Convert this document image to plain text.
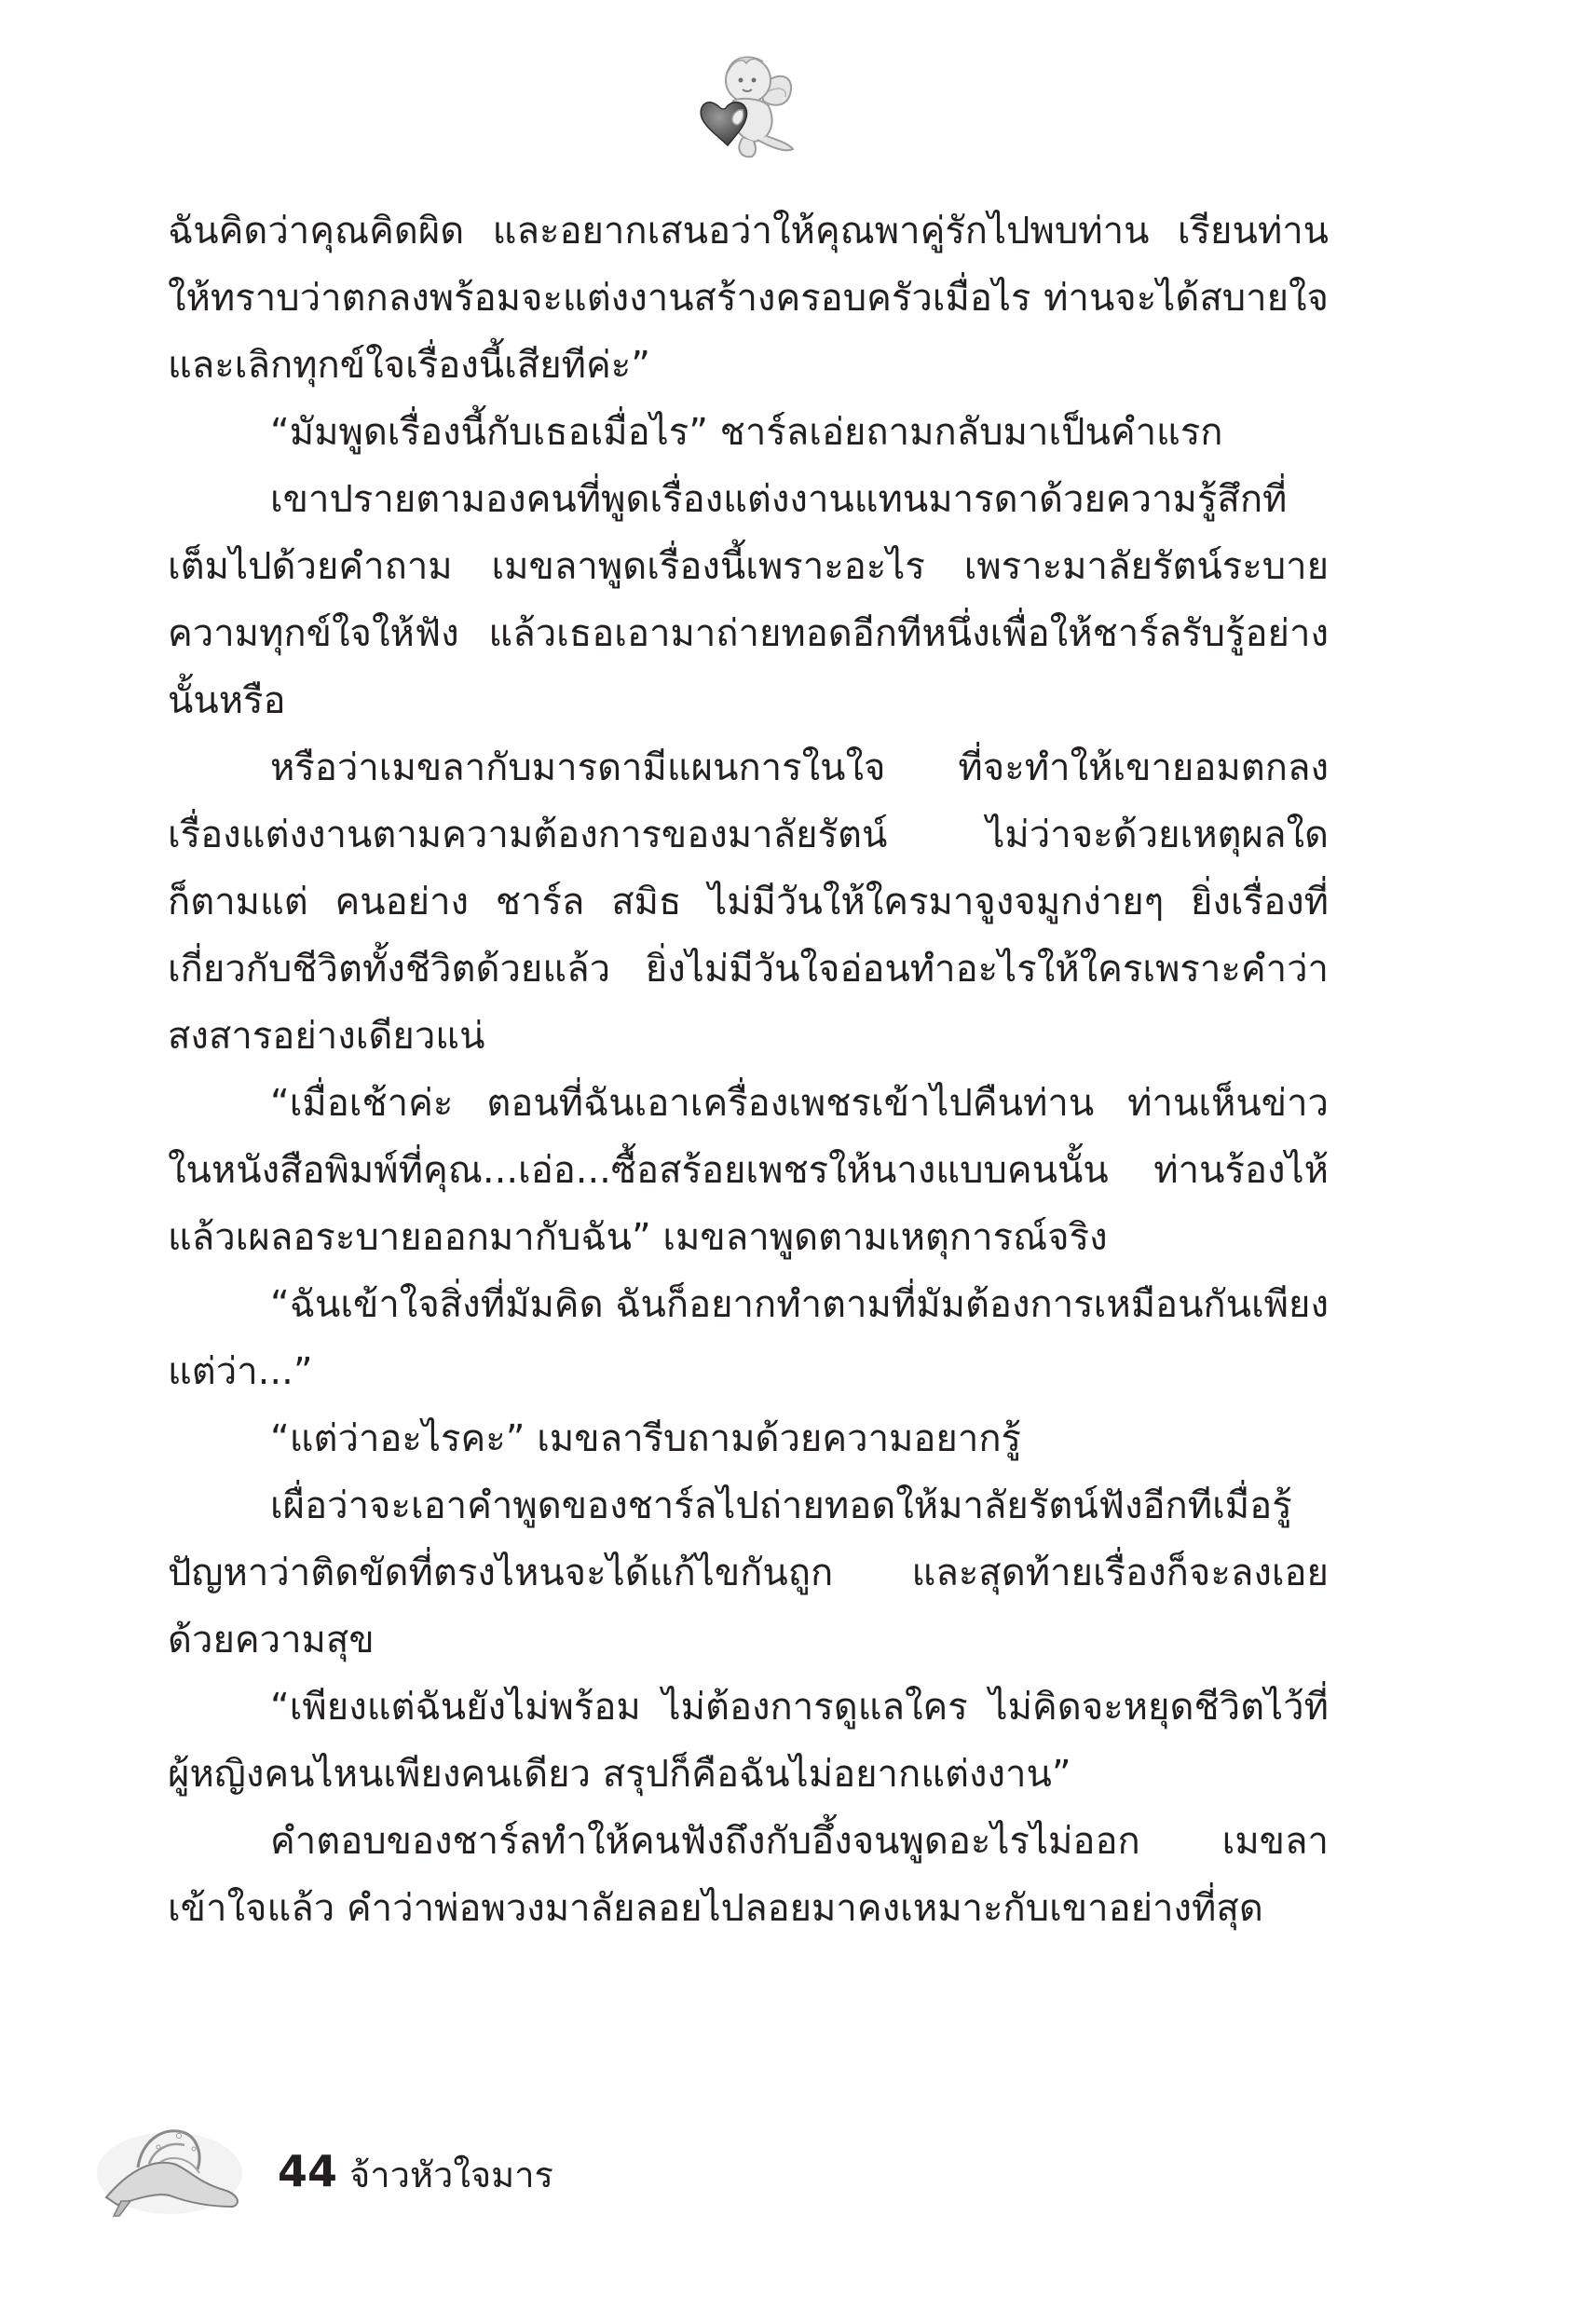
ฉันคิดว่าคุณคิดผิด และอยากเสนอว่าให้คุณพาคู่รักไปพบท่าน เรียนท่านให้ทราบว่าตกลงพร้อมจะแต่งงานสร้างครอบครัวเมื่อไร ท่านจะได้สบายใจและเลิกทุกข์ใจเรื่องนี้เสียทีค่ะ”

“มัมพูดเรื่องนี้กับเธอเมื่อไร” ชาร์ลเอ่ยถามกลับมาเป็นคำแรก

เขาปรายตามองคนที่พูดเรื่องแต่งงานแทนมารดาด้วยความรู้สึกที่เต็มไปด้วยคำถาม เมขลาพูดเรื่องนี้เพราะอะไร เพราะมาลัยรัตน์ระบายความทุกข์ใจให้ฟัง แล้วเธอเอามาถ่ายทอดอีกทีหนึ่งเพื่อให้ชาร์ลรับรู้อย่างนั้นหรือ

หรือว่าเมขลากับมารดามีแผนการในใจ ที่จะทำให้เขายอมตกลงเรื่องแต่งงานตามความต้องการของมาลัยรัตน์ ไม่ว่าจะด้วยเหตุผลใดก็ตามแต่ คนอย่าง ชาร์ล สมิธ ไม่มีวันให้ใครมาจูงจมูกง่ายๆ ยิ่งเรื่องที่เกี่ยวกับชีวิตทั้งชีวิตด้วยแล้ว ยิ่งไม่มีวันใจอ่อนทำอะไรให้ใครเพราะคำว่าสงสารอย่างเดียวแน่

“เมื่อเช้าค่ะ ตอนที่ฉันเอาเครื่องเพชรเข้าไปคืนท่าน ท่านเห็นข่าวในหนังสือพิมพ์ที่คุณ...เอ่อ...ซื้อสร้อยเพชรให้นางแบบคนนั้น ท่านร้องไห้แล้วเผลอระบายออกมากับฉัน” เมขลาพูดตามเหตุการณ์จริง

“ฉันเข้าใจสิ่งที่มัมคิด ฉันก็อยากทำตามที่มัมต้องการเหมือนกันเพียงแต่ว่า...”

“แต่ว่าอะไรคะ” เมขลารีบถามด้วยความอยากรู้

เผื่อว่าจะเอาคำพูดของชาร์ลไปถ่ายทอดให้มาลัยรัตน์ฟังอีกทีเมื่อรู้ปัญหาว่าติดขัดที่ตรงไหนจะได้แก้ไขกันถูก และสุดท้ายเรื่องก็จะลงเอยด้วยความสุข

“เพียงแต่ฉันยังไม่พร้อม ไม่ต้องการดูแลใคร ไม่คิดจะหยุดชีวิตไว้ที่ผู้หญิงคนไหนเพียงคนเดียว สรุปก็คือฉันไม่อยากแต่งงาน”

คำตอบของชาร์ลทำให้คนฟังถึงกับอึ้งจนพูดอะไรไม่ออก เมขลาเข้าใจแล้ว คำว่าพ่อพวงมาลัยลอยไปลอยมาคงเหมาะกับเขาอย่างที่สุด

44 จ้าวหัวใจมาร
